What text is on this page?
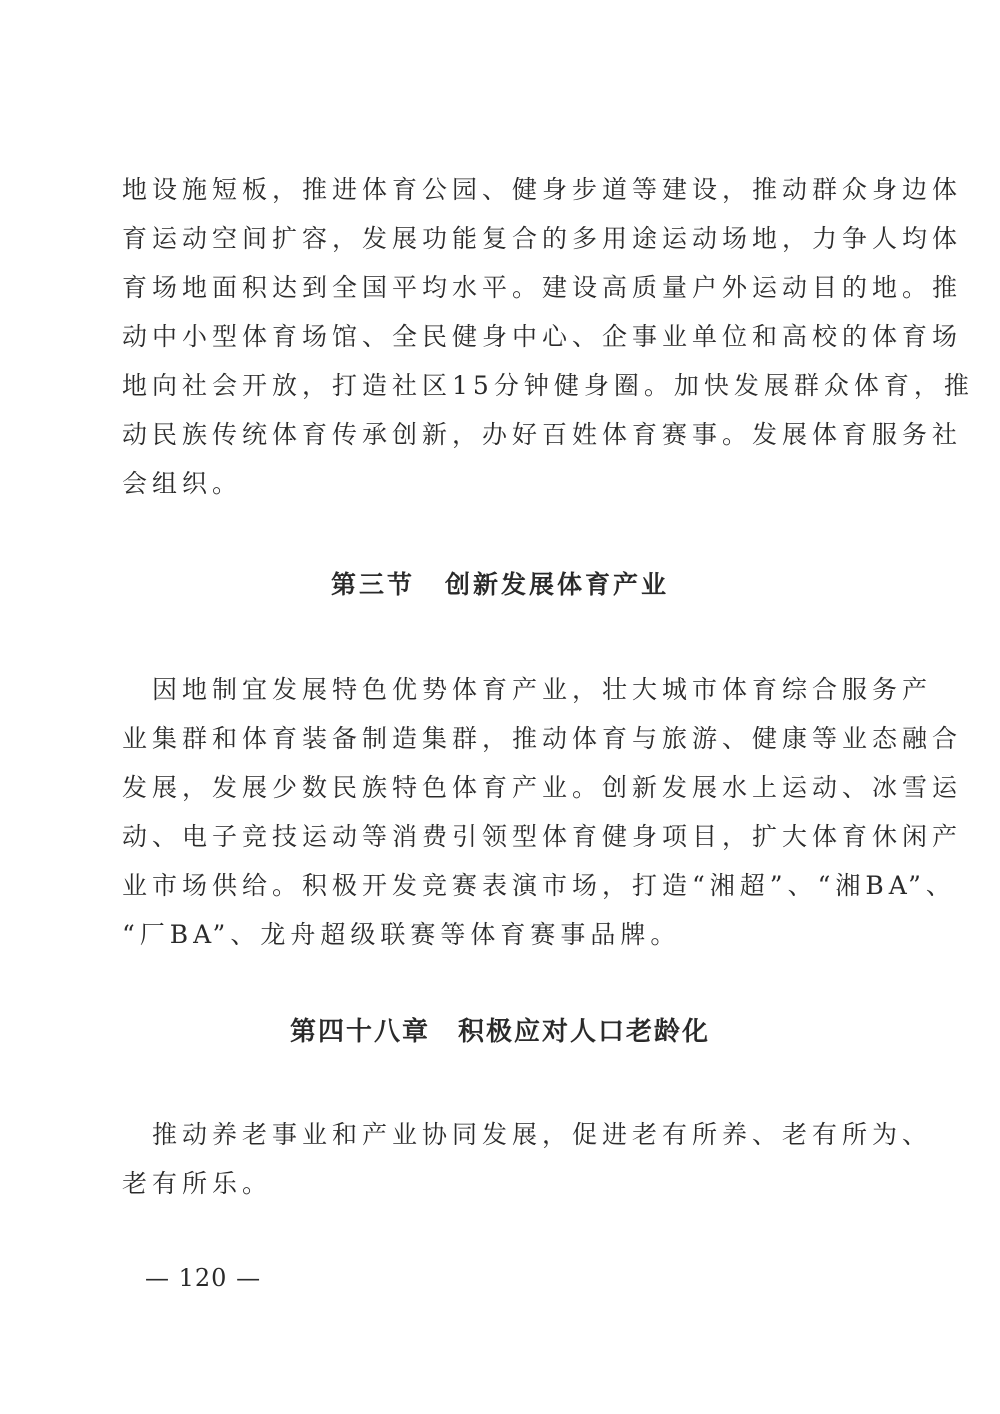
地设施短板，推进体育公园、健身步道等建设，推动群众身边体
育运动空间扩容，发展功能复合的多用途运动场地，力争人均体
育场地面积达到全国平均水平。建设高质量户外运动目的地。推
动中小型体育场馆、全民健身中心、企事业单位和高校的体育场
地向社会开放，打造社区15分钟健身圈。加快发展群众体育，推
动民族传统体育传承创新，办好百姓体育赛事。发展体育服务社
会组织。
第三节 创新发展体育产业
　因地制宜发展特色优势体育产业，壮大城市体育综合服务产
业集群和体育装备制造集群，推动体育与旅游、健康等业态融合
发展，发展少数民族特色体育产业。创新发展水上运动、冰雪运
动、电子竞技运动等消费引领型体育健身项目，扩大体育休闲产
业市场供给。积极开发竞赛表演市场，打造“湘超”、“湘BA”、
“厂BA”、龙舟超级联赛等体育赛事品牌。
第四十八章 积极应对人口老龄化
　推动养老事业和产业协同发展，促进老有所养、老有所为、
老有所乐。

— 120 —
